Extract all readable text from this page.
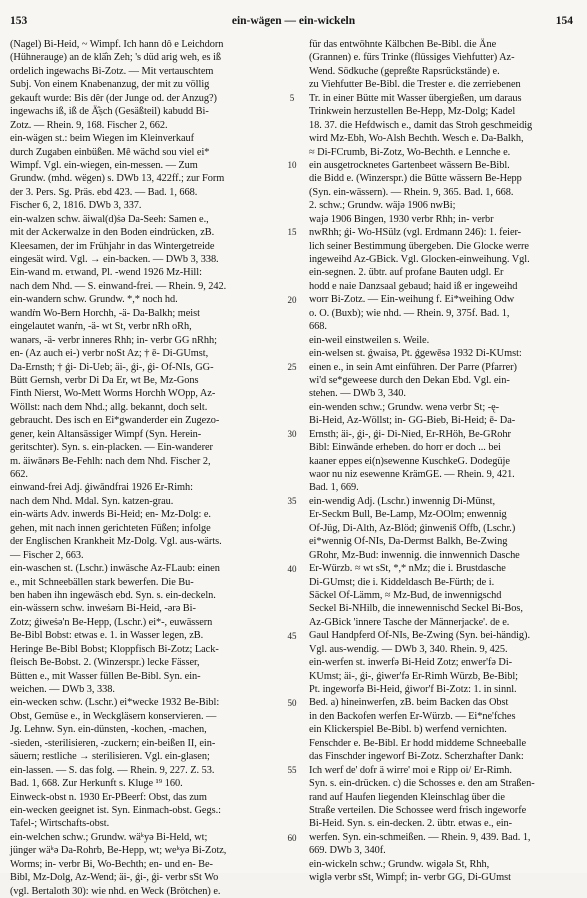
153	ein-wägen — ein-wickeln	154
(Nagel) Bi-Heid, ~ Wimpf. Ich hann dô e Leichdorn
(Hühneraugе) an de klä̂n Zeh; 's düd arig weh, es iß
ordelich ingewachs Bi-Zotz. — Mit vertauschtem
Subj. Von einem Knabenanzug, der mit zu völlig
gekauft wurde: Bis dêr (der Junge od. der Anzug?)
ingewachs iß, iß de Ä̂ṣch (Gesäßteil) kabudd Bi-
Zotz. — Rhein. 9, 168. Fischer 2, 662.
ein-wägen st.: beim Wiegen im Kleinverkauf
durch Zugaben einbüßen. Mê wächd sou viel ei*
Wimpf. Vgl. ein-wiegen, ein-messen. — Zum
Grundw. (mhd. wëgen) s. DWb 13, 422ff.; zur Form
der 3. Pers. Sg. Präs. ebd 423. — Bad. 1, 668.
Fischer 6, 2, 1816. DWb 3, 337.
ein-walzen schw. äiwal(d)ṡə Da-Seeh: Samen e.,
mit der Ackerwalze in den Boden eindrücken, zB.
Kleesamen, der im Frühjahr in das Wintergetreide
eingesät wird. Vgl. → ein-backen. — DWb 3, 338.
Ein-wand m. eτwand, Pl. -wend 1926 Mz-Hill:
nach dem Nhd. — S. einwand-frei. — Rhein. 9, 242.
ein-wandern schw. Grundw. *,* noch hd.
wandṙn Wo-Bern Horchh, -ä- Da-Balkh; meist
eingelautet wanṙn, -ä- wt St, verbr nRh oRh,
wanərs, -ä- verbr inneres Rhh; in- verbr GG nRhh;
en- (Az auch ei-) verbr noSt Az; † ē- Di-GUmst,
Da-Ernsth; † ǵi- Di-Ueb; äi-, ǵi-, ǵi- Of-NIs, GG-
Bütt Gernsh, verbr Di Da Er, wt Be, Mz-Gons
Finth Nierst, Wo-Mett Worms Horchh WOpp, Az-
Wöllst: nach dem Nhd.; allg. bekannt, doch selt.
gebraucht. Des isch en Ei*gwanderder ein Zugezo-
gener, kein Altansässiger Wimpf (Syn. Herein-
geritschter). Syn. s. ein-placken. — Ein-wanderer
m. äiwānərs Be-Fehlh: nach dem Nhd. Fischer 2,
662.
einwand-frei Adj. ǵiwāndfrai 1926 Er-Rimh:
nach dem Nhd. Mdal. Syn. katzen-grau.
ein-wärts Adv. inwerds Bi-Heid; en- Mz-Dolg: e.
gehen, mit nach innen gerichteten Füßen; infolge
der Englischen Krankheit Mz-Dolg. Vgl. aus-wärts.
— Fischer 2, 663.
ein-waschen st. (Lschr.) inwäsche Az-FLaub: einen
e., mit Schneebällen stark bewerfen. Die Bu-
ben haben ihn ingewäsch ebd. Syn. s. ein-deckeln.
ein-wässern schw. inweṡərn Bi-Heid, -ərə Bi-
Zotz; ǵiweṡə'n Be-Hepp, (Lschr.) ei*-, euwässern
Be-Bibl Bobst: etwas e. 1. in Wasser legen, zB.
Heringe Be-Bibl Bobst; Kloppfisch Bi-Zotz; Lack-
fleisch Be-Bobst. 2. (Winzerspr.) lecke Fässer,
Bütten e., mit Wasser füllen Be-Bibl. Syn. ein-
weichen. — DWb 3, 338.
ein-wecken schw. (Lschr.) ei*wecke 1932 Be-Bibl:
Obst, Gemüse e., in Weckgläsern konservieren. —
Jg. Lehnw. Syn. ein-dünsten, -kochen, -machen,
-sieden, -sterilisieren, -zuckern; ein-beißen II, ein-
säuern; restliche → sterilisieren. Vgl. ein-glasen;
ein-lassen. — S. das folg. — Rhein. 9, 227. Z. 53.
Bad. 1, 668. Zur Herkunft s. Kluge ¹⁹ 160.
Einweck-obst n. 1930 Er-PBeerf: Obst, das zum
ein-wecken geeignet ist. Syn. Einmach-obst. Gegs.:
Tafel-; Wirtschafts-obst.
ein-welchen schw.; Grundw. wäᵏyə Bi-Held, wt;
jünger wäᵏə Da-Rohrb, Be-Hepp, wt; weᵏyə Bi-Zotz,
Worms; in- verbr Bi, Wo-Bechth; en- und en- Be-
Bibl, Mz-Dolg, Az-Wend; äi-, ǵi-, ǵi- verbr sSt Wo
(vgl. Bertaloth 30): wie nhd. en Weck (Brötchen) e.
5
10
15
20
25
30
35
40
45
50
55
60
für das entwöhnte Kälbchen Be-Bibl. die Äne
(Grannen) e. fürs Trinke (flüssiges Viehfutter) Az-
Wend. Södkuche (gepreßte Rapsrückstände) e.
zu Viehfutter Be-Bibl. die Trester e. die zerriebenen
Tr. in einer Bütte mit Wasser übergießen, um daraus
Trinkwein herzustellen Be-Hepp, Mz-Dolg; Kadel
18. 37. die Hefdwisch e., damit das Stroh geschmeidig
wird Mz-Ebh, Wo-Alsh Bechth. Wesch e. Da-Balkh,
≈ Di-FCrumb, Bi-Zotz, Wo-Bechth. e Lennche e.
ein ausgetrocknetes Gartenbeet wässern Be-Bibl.
die Bidd e. (Winzerspr.) die Bütte wässern Be-Hepp
(Syn. ein-wässern). — Rhein. 9, 365. Bad. 1, 668.
2. schw.; Grundw. wäjə 1906 nwBi;
wajə 1906 Bingen, 1930 verbr Rhh; in- verbr
nwRhh; ǵi- Wo-HSülz (vgl. Erdmann 246): 1. feier-
lich seiner Bestimmung übergeben. Die Glocke werre
ingeweihd Az-GBick. Vgl. Glocken-einweihung. Vgl.
ein-segnen. 2. übtr. auf profane Bauten udgl. Er
hodd e naie Danzsaal gebaud; haid iß er ingeweihd
worr Bi-Zotz. — Ein-weihung f. Ei*weihing Odw
o. O. (Buxb); wie nhd. — Rhein. 9, 375f. Bad. 1,
668.
ein-weil einstweilen s. Weile.
ein-welsen st. ǵwaisə, Pt. ǵgewēsə 1932 Di-KUmst:
einen e., in sein Amt einführen. Der Parre (Pfarrer)
wi'd se*geweese durch den Dekan Ebd. Vgl. ein-
stehen. — DWb 3, 340.
ein-wenden schw.; Grundw. wenə verbr St; -ę-
Bi-Heid, Az-Wöllst; in- GG-Bieb, Bi-Heid; ē- Da-
Ernsth; äi-, ǵi-, ǵi- Di-Nied, Er-RHöh, Be-GRohr
Bibl: Einwände erheben. do horr er doch ... bei
kaaner eppes ei(n)sewenne KuschkeG. Dodegüje
waor nu niz esewenne KrämGE. — Rhein. 9, 421.
Bad. 1, 669.
ein-wendig Adj. (Lschr.) inwennig Di-Münst,
Er-Seckm Bull, Be-Lamp, Mz-OOlm; enwennig
Of-Jüg, Di-Alth, Az-Blöd; ǵinweniš Offb, (Lschr.)
ei*wennig Of-NIs, Da-Dermst Balkh, Be-Zwing
GRohr, Mz-Bud: inwennig. die innwennich Dasche
Er-Würzb. ≈ wt sSt, *,* nMz; die i. Brustdasche
Di-GUmst; die i. Kiddeldasch Be-Fürth; de i.
Säckel Of-Lämm, ≈ Mz-Bud, de inwennigschd
Seckel Bi-NHilb, die innewennischd Seckel Bi-Bos,
Az-GBick 'innere Tasche der Männerjacke'. de e.
Gaul Handpferd Of-NIs, Be-Zwing (Syn. bei-händig).
Vgl. aus-wendig. — DWb 3, 340. Rhein. 9, 425.
ein-werfen st. inwerfə Bi-Heid Zotz; enwer'fə Di-
KUmst; äi-, ǵi-, ǵiwer'fə Er-Rimh Würzb, Be-Bibl;
Pt. ingeworfə Bi-Heid, ǵiwor'f Bi-Zotz: 1. in sinnl.
Bed. a) hineinwerfen, zB. beim Backen das Obst
in den Backofen werfen Er-Würzb. — Ei*ne'fches
ein Klickerspiel Be-Bibl. b) werfend vernichten.
Fenschder e. Be-Bibl. Er hodd middeme Schneeballe
das Finschder ingeworf Bi-Zotz. Scherzhafter Dank:
Ich werf de' dofr ä wirre' moi e Ripp oi/ Er-Rimh.
Syn. s. ein-drücken. c) die Schosses e. den am Straßen-
rand auf Haufen liegenden Kleinschlag über die
Straße verteilen. Die Schossee werd frisch ingeworfe
Bi-Heid. Syn. s. ein-decken. 2. übtr. etwas e., ein-
werfen. Syn. ein-schmeißen. — Rhein. 9, 439. Bad. 1,
669. DWb 3, 340f.
ein-wickeln schw.; Grundw. wigələ St, Rhh,
wiglə verbr sSt, Wimpf; in- verbr GG, Di-GUmst
